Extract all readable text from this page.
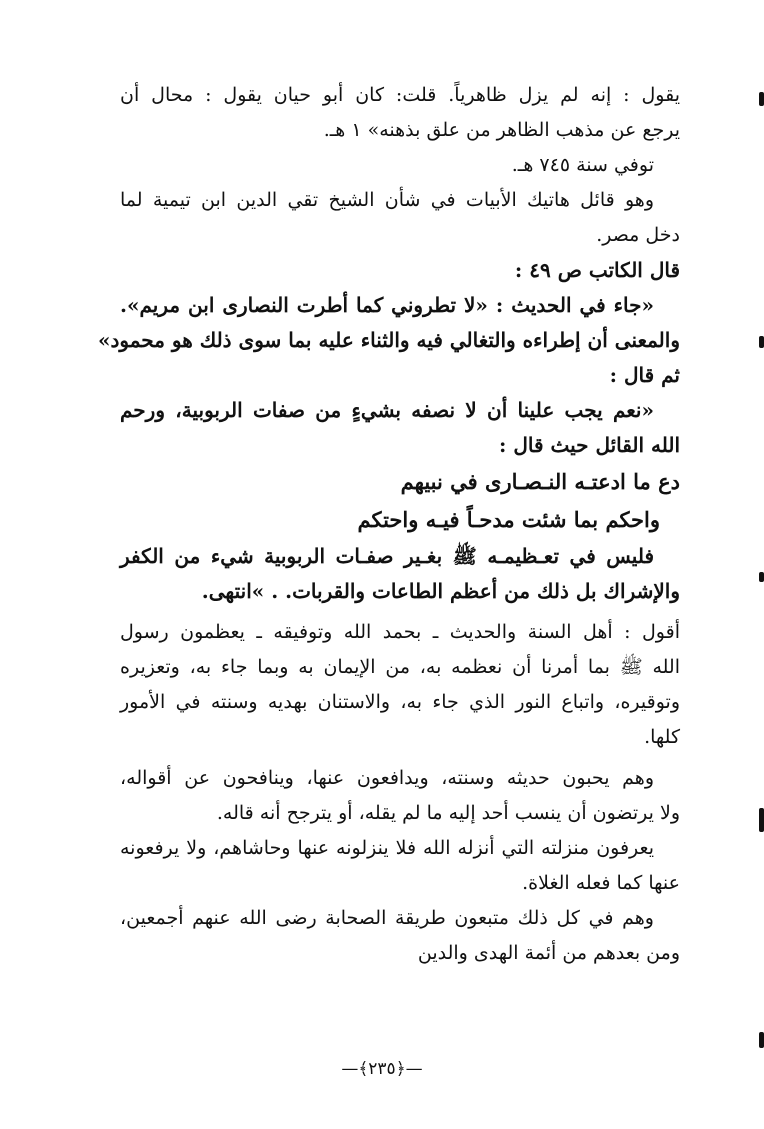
يقول : إنه لم يزل ظاهرياً. قلت: كان أبو حيان يقول : محال أن
يرجع عن مذهب الظاهر من علق بذهنه» ١ هـ.
توفي سنة ٧٤٥ هـ.
وهو قائل هاتيك الأبيات في شأن الشيخ تقي الدين ابن تيمية لما
دخل مصر.
قال الكاتب ص ٤٩ :
«جاء في الحديث : «لا تطروني كما أطرت النصارى ابن مريم».
والمعنى أن إطراءه والتغالي فيه والثناء عليه بما سوى ذلك هو محمود»
ثم قال :
«نعم يجب علينا أن لا نصفه بشيءٍ من صفات الربوبية، ورحم
الله القائل حيث قال :
دع ما ادعتـه النـصـارى في نبيهم
واحكم بما شئت مدحـاً فيـه واحتكم
فليس في تعـظيمـه ﷺ بغـير صفـات الربوبية شيء من الكفر
والإشراك بل ذلك من أعظم الطاعات والقربات. . »انتهى.
أقول : أهل السنة والحديث ـ بحمد الله وتوفيقه ـ يعظمون رسول
الله ﷺ بما أمرنا أن نعظمه به، من الإيمان به وبما جاء به، وتعزيره
وتوقيره، واتباع النور الذي جاء به، والاستنان بهديه وسنته في الأمور
كلها.
وهم يحبون حديثه وسنته، ويدافعون عنها، وينافحون عن أقواله،
ولا يرتضون أن ينسب أحد إليه ما لم يقله، أو يترجح أنه قاله.
يعرفون منزلته التي أنزله الله فلا ينزلونه عنها وحاشاهم، ولا يرفعونه
عنها كما فعله الغلاة.
وهم في كل ذلك متبعون طريقة الصحابة رضى الله عنهم أجمعين،
ومن بعدهم من أئمة الهدى والدين
—﴿٢٣٥﴾—
